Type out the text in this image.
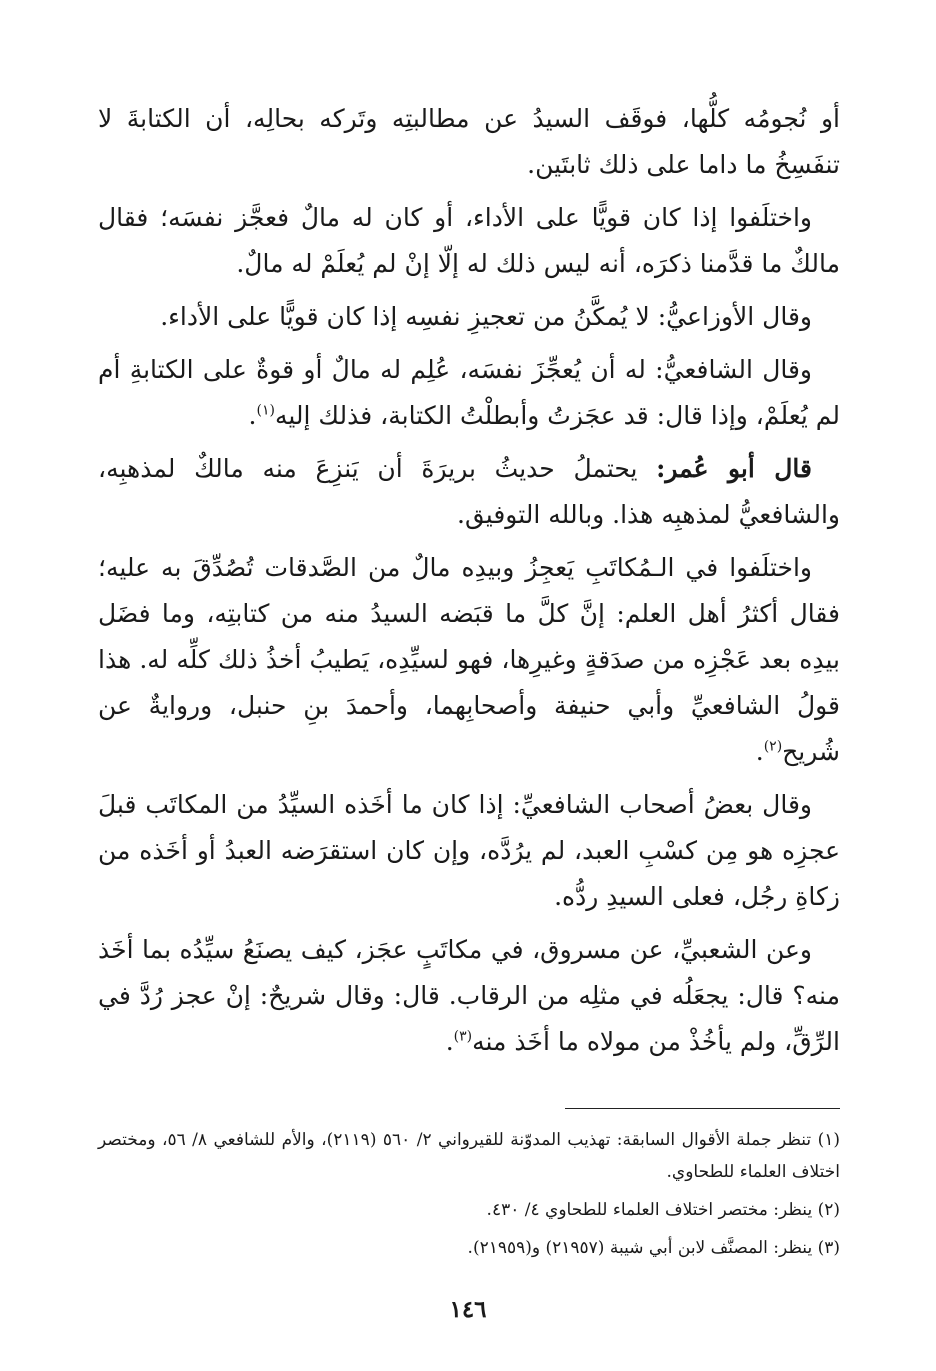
أو نُجومُه كلُّها، فوقَف السيدُ عن مطالبتِه وتَركه بحالِه، أن الكتابةَ لا تنفَسِخُ ما داما على ذلك ثابتَين.

واختلَفوا إذا كان قويًّا على الأداء، أو كان له مالٌ فعجَّز نفسَه؛ فقال مالكٌ ما قدَّمنا ذكرَه، أنه ليس ذلك له إلّا إنْ لم يُعلَمْ له مالٌ.

وقال الأوزاعيُّ: لا يُمكَّنُ من تعجيزِ نفسِه إذا كان قويًّا على الأداء.

وقال الشافعيُّ: له أن يُعجِّزَ نفسَه، عُلِم له مالٌ أو قوةٌ على الكتابةِ أم لم يُعلَمْ، وإذا قال: قد عجَزتُ وأبطلْتُ الكتابة، فذلك إليه$^{(١)}$.

قال أبو عُمر: يحتملُ حديثُ بريرَةَ أن يَنزِعَ منه مالكٌ لمذهبِه، والشافعيُّ لمذهبِه هذا. وبالله التوفيق.

واختلَفوا في الـمُكاتَبِ يَعجِزُ وبيدِه مالٌ من الصَّدقات تُصُدِّقَ به عليه؛ فقال أكثرُ أهل العلم: إنَّ كلَّ ما قبَضه السيدُ منه من كتابتِه، وما فضَل بيدِه بعد عَجْزِه من صدَقةٍ وغيرِها، فهو لسيِّدِه، يَطيبُ أخذُ ذلك كلِّه له. هذا قولُ الشافعيِّ وأبي حنيفة وأصحابِهما، وأحمدَ بنِ حنبل، وروايةٌ عن شُريح$^{(٢)}$.

وقال بعضُ أصحاب الشافعيِّ: إذا كان ما أخَذه السيِّدُ من المكاتَب قبلَ عجزِه هو مِن كسْبِ العبد، لم يرُدَّه، وإن كان استقرَضه العبدُ أو أخَذه من زكاةِ رجُل، فعلى السيدِ ردُّه.

وعن الشعبيِّ، عن مسروق، في مكاتَبٍ عجَز، كيف يصنَعُ سيِّدُه بما أخَذ منه؟ قال: يجعَلُه في مثلِه من الرقاب. قال: وقال شريحٌ: إنْ عجز رُدَّ في الرِّقِّ، ولم يأخُذْ من مولاه ما أخَذ منه$^{(٣)}$.

(١) تنظر جملة الأقوال السابقة: تهذيب المدوّنة للقيرواني ٢/ ٥٦٠ (٢١١٩)، والأم للشافعي ٨/ ٥٦، ومختصر اختلاف العلماء للطحاوي.

(٢) ينظر: مختصر اختلاف العلماء للطحاوي ٤/ ٤٣٠.

(٣) ينظر: المصنَّف لابن أبي شيبة (٢١٩٥٧) و(٢١٩٥٩).

١٤٦
